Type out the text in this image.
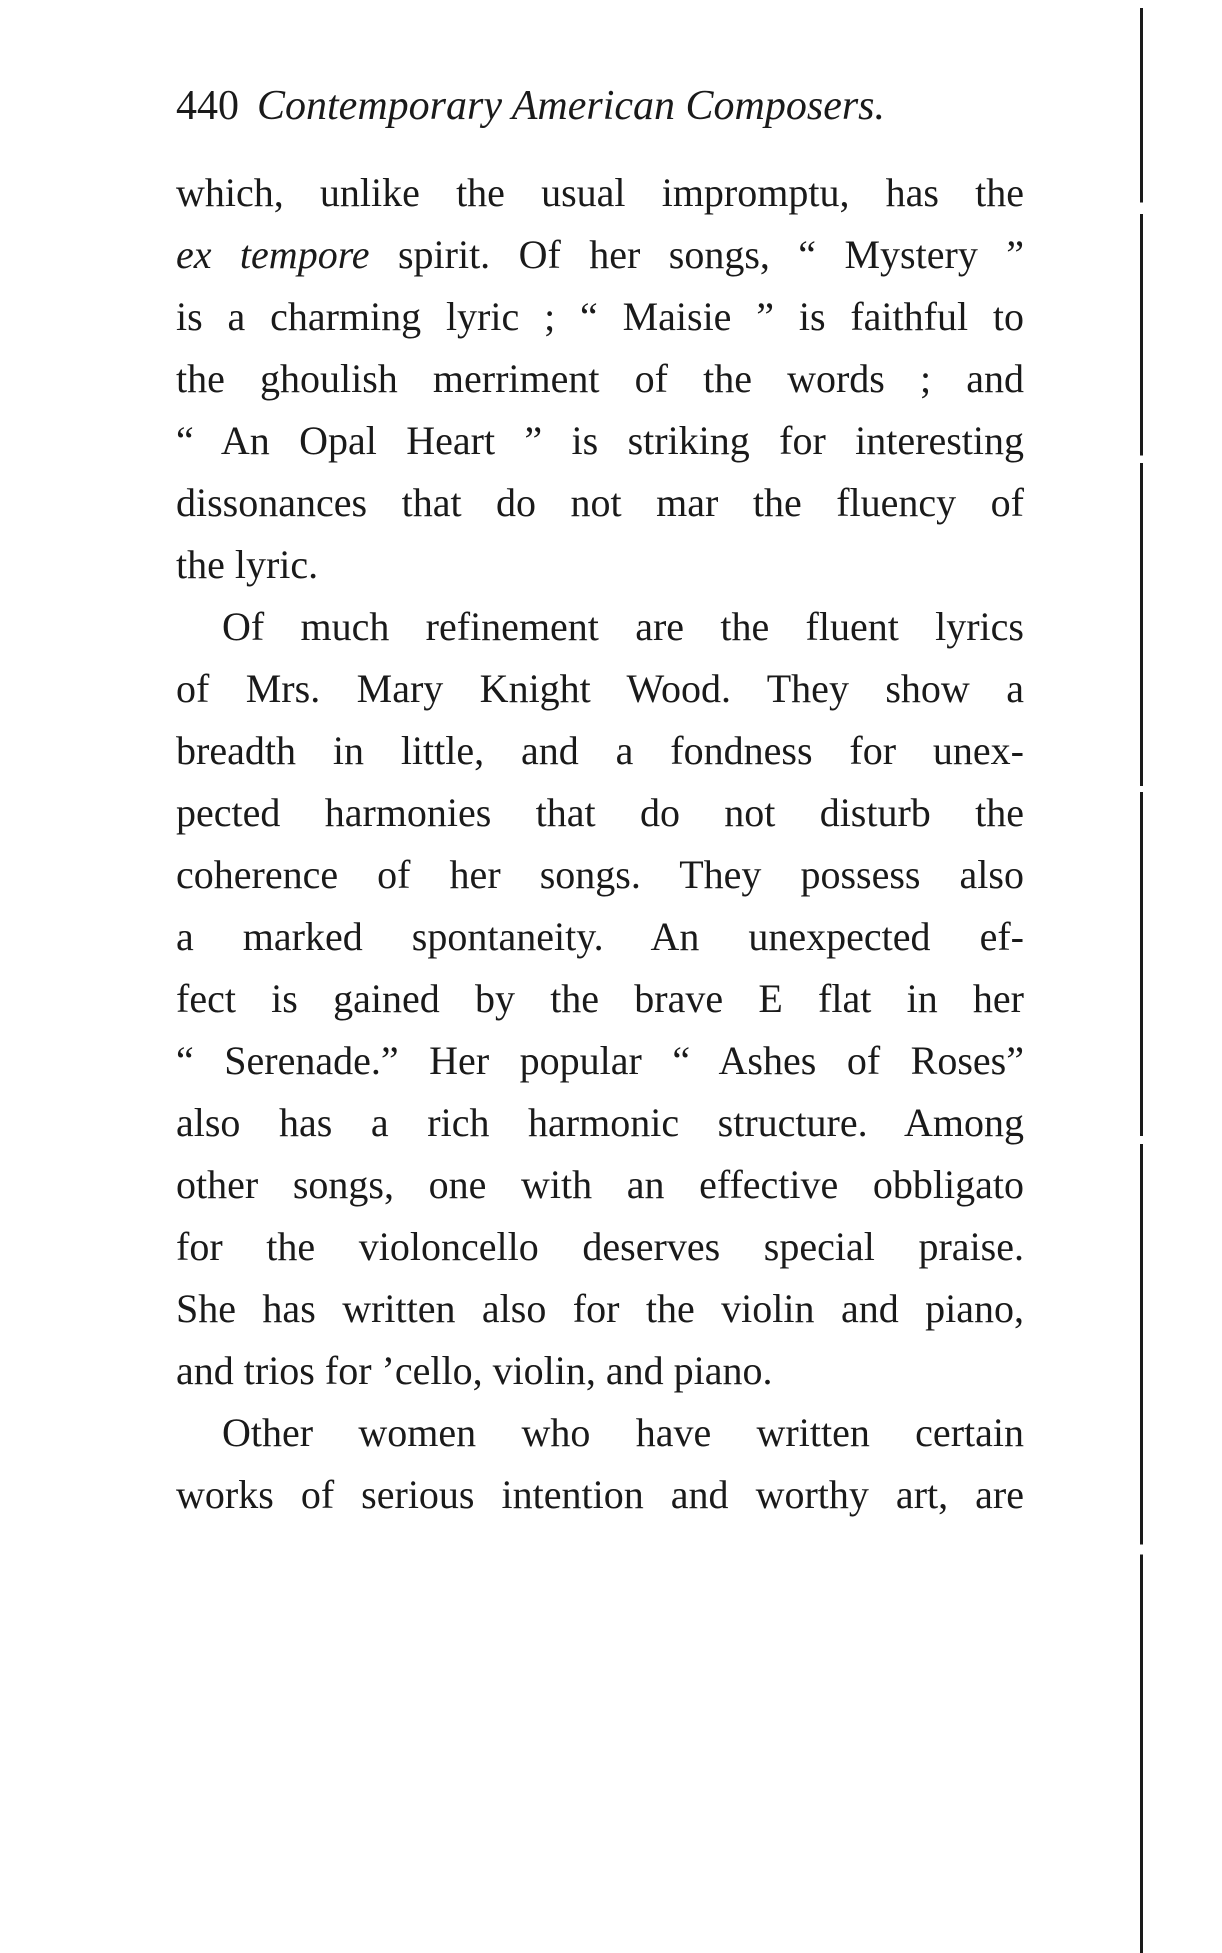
440 Contemporary American Composers.
which, unlike the usual impromptu, has the
ex tempore spirit. Of her songs, “ Mystery ”
is a charming lyric ; “ Maisie ” is faithful to
the ghoulish merriment of the words ; and
“ An Opal Heart ” is striking for interesting
dissonances that do not mar the fluency of
the lyric.
Of much refinement are the fluent lyrics
of Mrs. Mary Knight Wood. They show a
breadth in little, and a fondness for unex-
pected harmonies that do not disturb the
coherence of her songs. They possess also
a marked spontaneity. An unexpected ef-
fect is gained by the brave E flat in her
“ Serenade.” Her popular “ Ashes of Roses”
also has a rich harmonic structure. Among
other songs, one with an effective obbligato
for the violoncello deserves special praise.
She has written also for the violin and piano,
and trios for ’cello, violin, and piano.
Other women who have written certain
works of serious intention and worthy art, are
